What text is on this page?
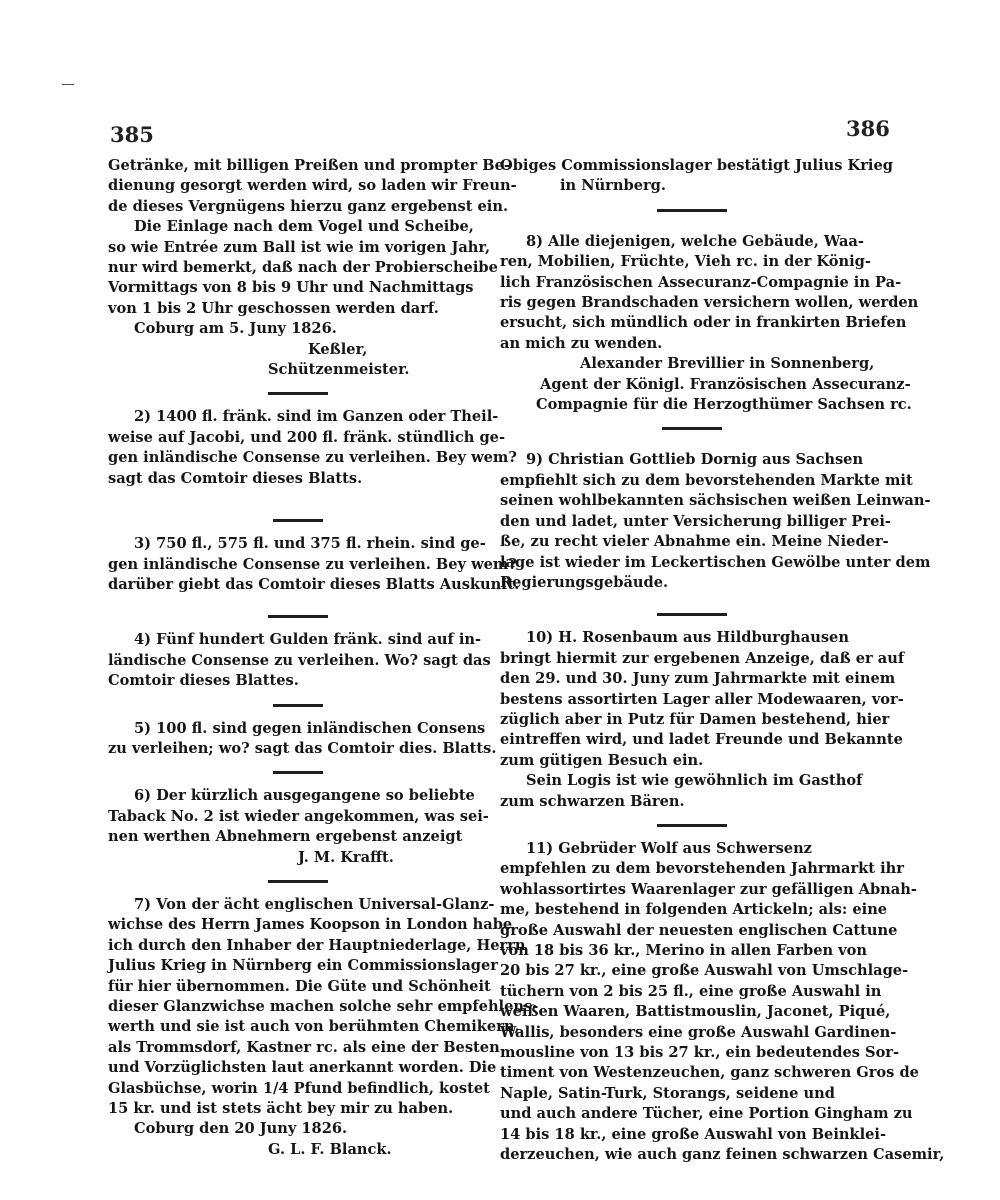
385	386
Getränke, mit billigen Preißen und prompter Be-
dienung gesorgt werden wird, so laden wir Freun-
de dieses Vergnügens hierzu ganz ergebenst ein.
Die Einlage nach dem Vogel und Scheibe,
so wie Entrée zum Ball ist wie im vorigen Jahr,
nur wird bemerkt, daß nach der Probierscheibe
Vormittags von 8 bis 9 Uhr und Nachmittags
von 1 bis 2 Uhr geschossen werden darf.
Coburg am 5. Juny 1826.
Keßler,
Schützenmeister.
2) 1400 fl. fränk. sind im Ganzen oder Theil-
weise auf Jacobi, und 200 fl. fränk. stündlich ge-
gen inländische Consense zu verleihen. Bey wem?
sagt das Comtoir dieses Blatts.
3) 750 fl., 575 fl. und 375 fl. rhein. sind ge-
gen inländische Consense zu verleihen. Bey wem?
darüber giebt das Comtoir dieses Blatts Auskunft.
4) Fünf hundert Gulden fränk. sind auf in-
ländische Consense zu verleihen. Wo? sagt das
Comtoir dieses Blattes.
5) 100 fl. sind gegen inländischen Consens
zu verleihen; wo? sagt das Comtoir dies. Blatts.
6) Der kürzlich ausgegangene so beliebte
Taback No. 2 ist wieder angekommen, was sei-
nen werthen Abnehmern ergebenst anzeigt
J. M. Krafft.
7) Von der ächt englischen Universal-Glanz-
wichse des Herrn James Koopson in London habe
ich durch den Inhaber der Hauptniederlage, Herrn
Julius Krieg in Nürnberg ein Commissionslager
für hier übernommen. Die Güte und Schönheit
dieser Glanzwichse machen solche sehr empfehlens-
werth und sie ist auch von berühmten Chemikern,
als Trommsdorf, Kastner rc. als eine der Besten
und Vorzüglichsten laut anerkannt worden. Die
Glasbüchse, worin 1/4 Pfund befindlich, kostet
15 kr. und ist stets ächt bey mir zu haben.
Coburg den 20 Juny 1826.
G. L. F. Blanck.
Obiges Commissionslager bestätigt Julius Krieg
in Nürnberg.
8) Alle diejenigen, welche Gebäude, Waa-
ren, Mobilien, Früchte, Vieh rc. in der König-
lich Französischen Assecuranz-Compagnie in Pa-
ris gegen Brandschaden versichern wollen, werden
ersucht, sich mündlich oder in frankirten Briefen
an mich zu wenden.
Alexander Brevillier in Sonnenberg,
Agent der Königl. Französischen Assecuranz-
Compagnie für die Herzogthümer Sachsen rc.
9) Christian Gottlieb Dornig aus Sachsen
empfiehlt sich zu dem bevorstehenden Markte mit
seinen wohlbekannten sächsischen weißen Leinwan-
den und ladet, unter Versicherung billiger Prei-
ße, zu recht vieler Abnahme ein. Meine Nieder-
lage ist wieder im Leckertischen Gewölbe unter dem
Regierungsgebäude.
10) H. Rosenbaum aus Hildburghausen
bringt hiermit zur ergebenen Anzeige, daß er auf
den 29. und 30. Juny zum Jahrmarkte mit einem
bestens assortirten Lager aller Modewaaren, vor-
züglich aber in Putz für Damen bestehend, hier
eintreffen wird, und ladet Freunde und Bekannte
zum gütigen Besuch ein.
Sein Logis ist wie gewöhnlich im Gasthof
zum schwarzen Bären.
11) Gebrüder Wolf aus Schwersenz
empfehlen zu dem bevorstehenden Jahrmarkt ihr
wohlassortirtes Waarenlager zur gefälligen Abnah-
me, bestehend in folgenden Artickeln; als: eine
große Auswahl der neuesten englischen Cattune
von 18 bis 36 kr., Merino in allen Farben von
20 bis 27 kr., eine große Auswahl von Umschlage-
tüchern von 2 bis 25 fl., eine große Auswahl in
weißen Waaren, Battistmouslin, Jaconet, Piqué,
Wallis, besonders eine große Auswahl Gardinen-
mousline von 13 bis 27 kr., ein bedeutendes Sor-
timent von Westenzeuchen, ganz schweren Gros de
Naple, Satin-Turk, Storangs, seidene und
und auch andere Tücher, eine Portion Gingham zu
14 bis 18 kr., eine große Auswahl von Beinklei-
derzeuchen, wie auch ganz feinen schwarzen Casemir,
